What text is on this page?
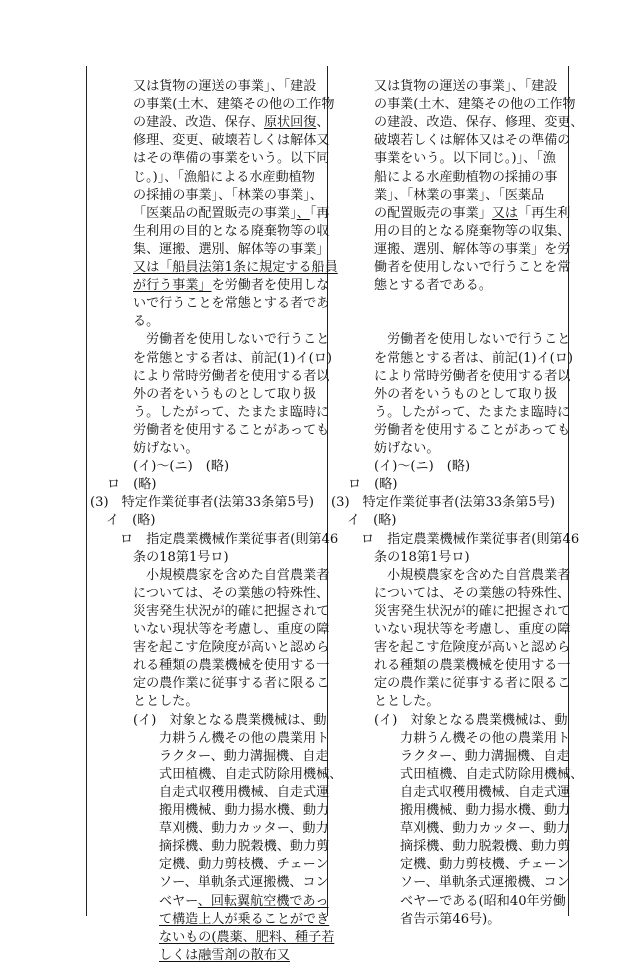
又は貨物の運送の事業」、「建設
の事業(土木、建築その他の工作物
の建設、改造、保存、原状回復、
修理、変更、破壊若しくは解体又
はその準備の事業をいう。以下同
じ。)」、「漁船による水産動植物
の採捕の事業」、「林業の事業」、
「医薬品の配置販売の事業」、「再
生利用の目的となる廃棄物等の収
集、運搬、選別、解体等の事業」
又は「船員法第1条に規定する船員
が行う事業」を労働者を使用しな
いで行うことを常態とする者であ
る。
労働者を使用しないで行うこと
を常態とする者は、前記(1)イ(ロ)
により常時労働者を使用する者以
外の者をいうものとして取り扱
う。したがって、たまたま臨時に
労働者を使用することがあっても
妨げない。
(イ)～(ニ)　(略)
ロ　(略)
(3)　特定作業従事者(法第33条第5号)
イ　(略)
ロ　指定農業機械作業従事者(則第46
条の18第1号ロ)
小規模農家を含めた自営農業者
については、その業態の特殊性、
災害発生状況が的確に把握されて
いない現状等を考慮し、重度の障
害を起こす危険度が高いと認めら
れる種類の農業機械を使用する一
定の農作業に従事する者に限るこ
ととした。
(イ)　対象となる農業機械は、動
力耕うん機その他の農業用ト
ラクター、動力溝掘機、自走
式田植機、自走式防除用機械、
自走式収穫用機械、自走式運
搬用機械、動力揚水機、動力
草刈機、動力カッター、動力
摘採機、動力脱穀機、動力剪
定機、動力剪枝機、チェーン
ソー、単軌条式運搬機、コン
ベヤー、回転翼航空機であっ
て構造上人が乗ることができ
ないもの(農薬、肥料、種子若
しくは融雪剤の散布又
又は貨物の運送の事業」、「建設
の事業(土木、建築その他の工作物
の建設、改造、保存、修理、変更、
破壊若しくは解体又はその準備の
事業をいう。以下同じ。)」、「漁
船による水産動植物の採捕の事
業」、「林業の事業」、「医薬品
の配置販売の事業」又は「再生利
用の目的となる廃棄物等の収集、
運搬、選別、解体等の事業」を労
働者を使用しないで行うことを常
態とする者である。
労働者を使用しないで行うこと
を常態とする者は、前記(1)イ(ロ)
により常時労働者を使用する者以
外の者をいうものとして取り扱
う。したがって、たまたま臨時に
労働者を使用することがあっても
妨げない。
(イ)～(ニ)　(略)
ロ　(略)
(3)　特定作業従事者(法第33条第5号)
イ　(略)
ロ　指定農業機械作業従事者(則第46
条の18第1号ロ)
小規模農家を含めた自営農業者
については、その業態の特殊性、
災害発生状況が的確に把握されて
いない現状等を考慮し、重度の障
害を起こす危険度が高いと認めら
れる種類の農業機械を使用する一
定の農作業に従事する者に限るこ
ととした。
(イ)　対象となる農業機械は、動
力耕うん機その他の農業用ト
ラクター、動力溝掘機、自走
式田植機、自走式防除用機械、
自走式収穫用機械、自走式運
搬用機械、動力揚水機、動力
草刈機、動力カッター、動力
摘採機、動力脱穀機、動力剪
定機、動力剪枝機、チェーン
ソー、単軌条式運搬機、コン
ベヤーである(昭和40年労働
省告示第46号)。
